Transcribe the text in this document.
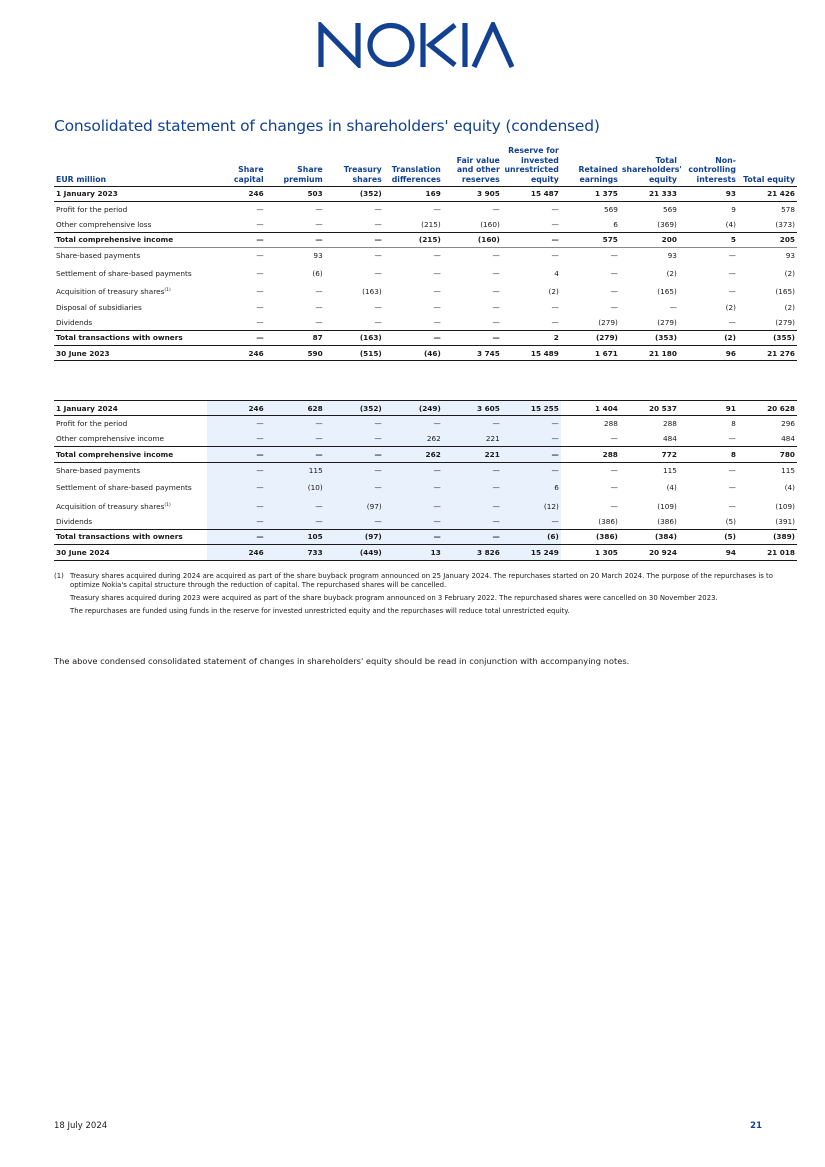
Consolidated statement of changes in shareholders' equity (condensed)
EUR million	Share capital	Share premium	Treasury shares	Translation differences	Fair value and other reserves	Reserve for invested unrestricted equity	Retained earnings	Total shareholders' equity	Non-controlling interests	Total equity
1 January 2023	246	503	(352)	169	3 905	15 487	1 375	21 333	93	21 426
Profit for the period	—	—	—	—	—	—	569	569	9	578
Other comprehensive loss	—	—	—	(215)	(160)	—	6	(369)	(4)	(373)
Total comprehensive income	—	—	—	(215)	(160)	—	575	200	5	205
Share-based payments	—	93	—	—	—	—	—	93	—	93
Settlement of share-based payments	—	(6)	—	—	—	4	—	(2)	—	(2)
Acquisition of treasury shares$^{(1)}$	—	—	(163)	—	—	(2)	—	(165)	—	(165)
Disposal of subsidiaries	—	—	—	—	—	—	—	—	(2)	(2)
Dividends	—	—	—	—	—	—	(279)	(279)	—	(279)
Total transactions with owners	—	87	(163)	—	—	2	(279)	(353)	(2)	(355)
30 June 2023	246	590	(515)	(46)	3 745	15 489	1 671	21 180	96	21 276
1 January 2024	246	628	(352)	(249)	3 605	15 255	1 404	20 537	91	20 628
Profit for the period	—	—	—	—	—	—	288	288	8	296
Other comprehensive income	—	—	—	262	221	—	—	484	—	484
Total comprehensive income	—	—	—	262	221	—	288	772	8	780
Share-based payments	—	115	—	—	—	—	—	115	—	115
Settlement of share-based payments	—	(10)	—	—	—	6	—	(4)	—	(4)
Acquisition of treasury shares$^{(1)}$	—	—	(97)	—	—	(12)	—	(109)	—	(109)
Dividends	—	—	—	—	—	—	(386)	(386)	(5)	(391)
Total transactions with owners	—	105	(97)	—	—	(6)	(386)	(384)	(5)	(389)
30 June 2024	246	733	(449)	13	3 826	15 249	1 305	20 924	94	21 018
(1) Treasury shares acquired during 2024 are acquired as part of the share buyback program announced on 25 January 2024. The repurchases started on 20 March 2024. The purpose of the repurchases is to optimize Nokia's capital structure through the reduction of capital. The repurchased shares will be cancelled.

Treasury shares acquired during 2023 were acquired as part of the share buyback program announced on 3 February 2022. The repurchased shares were cancelled on 30 November 2023.

The repurchases are funded using funds in the reserve for invested unrestricted equity and the repurchases will reduce total unrestricted equity.

The above condensed consolidated statement of changes in shareholders' equity should be read in conjunction with accompanying notes.
18 July 2024	21
